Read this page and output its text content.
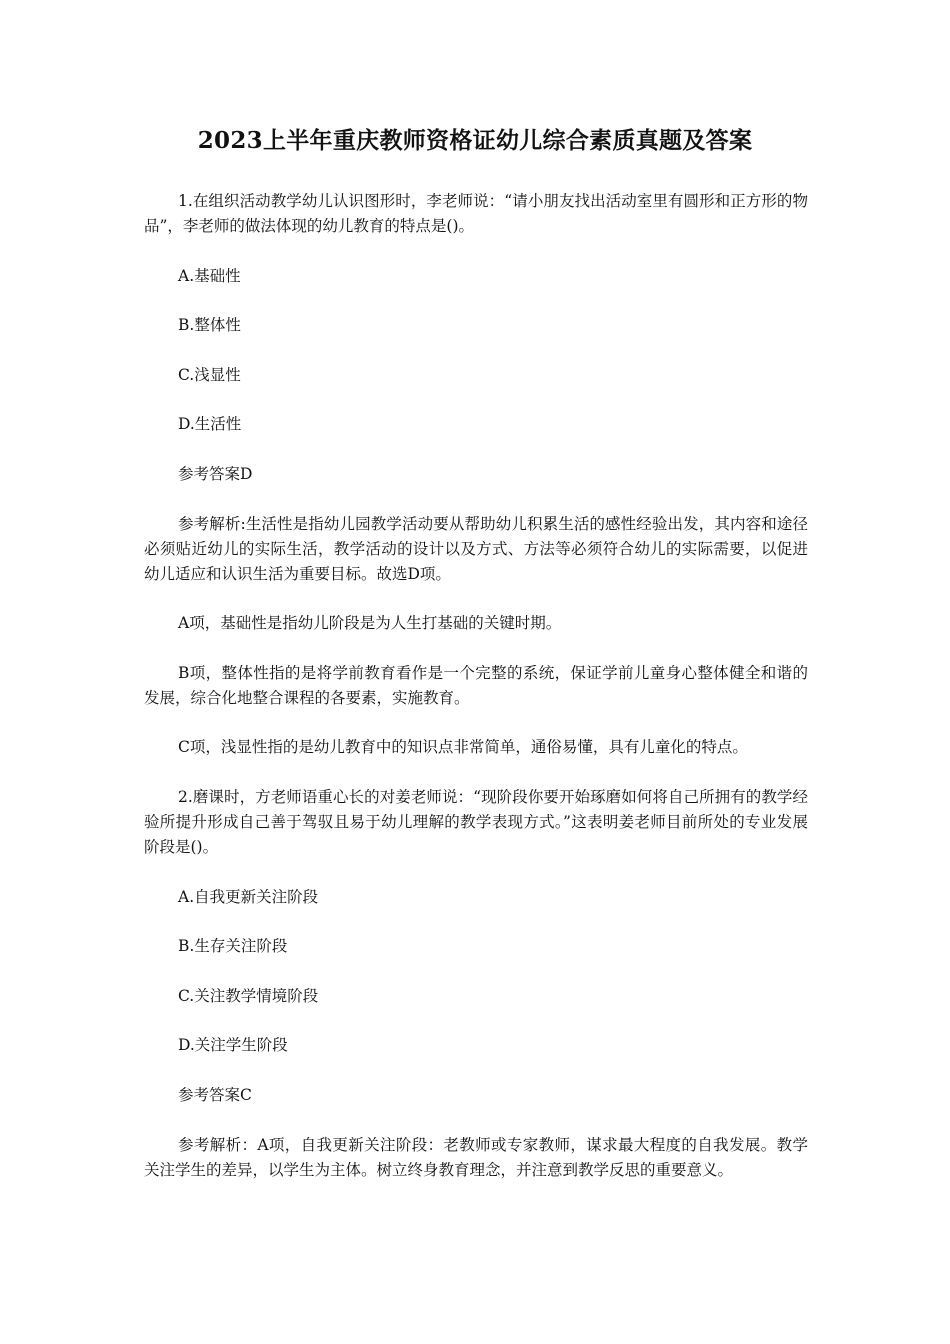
2023上半年重庆教师资格证幼儿综合素质真题及答案

1.在组织活动教学幼儿认识图形时，李老师说：“请小朋友找出活动室里有圆形和正方形的物品”，李老师的做法体现的幼儿教育的特点是()。

A.基础性

B.整体性

C.浅显性

D.生活性

参考答案D

参考解析:生活性是指幼儿园教学活动要从帮助幼儿积累生活的感性经验出发，其内容和途径必须贴近幼儿的实际生活，教学活动的设计以及方式、方法等必须符合幼儿的实际需要，以促进幼儿适应和认识生活为重要目标。故选D项。

A项，基础性是指幼儿阶段是为人生打基础的关键时期。

B项，整体性指的是将学前教育看作是一个完整的系统，保证学前儿童身心整体健全和谐的发展，综合化地整合课程的各要素，实施教育。

C项，浅显性指的是幼儿教育中的知识点非常简单，通俗易懂，具有儿童化的特点。

2.磨课时，方老师语重心长的对姜老师说：“现阶段你要开始琢磨如何将自己所拥有的教学经验所提升形成自己善于驾驭且易于幼儿理解的教学表现方式。”这表明姜老师目前所处的专业发展阶段是()。

A.自我更新关注阶段

B.生存关注阶段

C.关注教学情境阶段

D.关注学生阶段

参考答案C

参考解析：A项，自我更新关注阶段：老教师或专家教师，谋求最大程度的自我发展。教学关注学生的差异，以学生为主体。树立终身教育理念，并注意到教学反思的重要意义。
